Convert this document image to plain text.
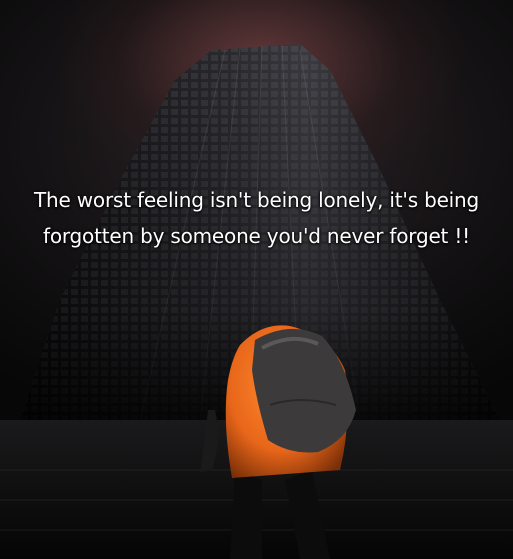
The worst feeling isn't being lonely, it's being
forgotten by someone you'd never forget !!
